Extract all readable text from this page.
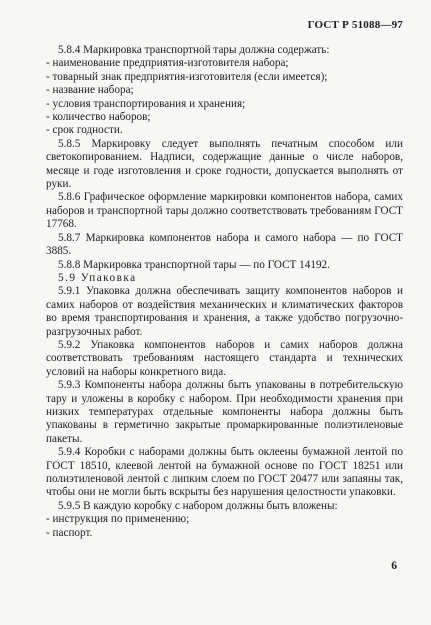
ГОСТ Р 51088—97

5.8.4 Маркировка транспортной тары должна содержать:

- наименование предприятия-изготовителя набора;

- товарный знак предприятия-изготовителя (если имеется);

- название набора;

- условия транспортирования и хранения;

- количество наборов;

- срок годности.

5.8.5 Маркировку следует выполнять печатным способом или светокопированием. Надписи, содержащие данные о числе наборов, месяце и годе изготовления и сроке годности, допускается выполнять от руки.

5.8.6 Графическое оформление маркировки компонентов набора, самих наборов и транспортной тары должно соответствовать требованиям ГОСТ 17768.

5.8.7 Маркировка компонентов набора и самого набора — по ГОСТ 3885.

5.8.8 Маркировка транспортной тары — по ГОСТ 14192.

5.9 Упаковка

5.9.1 Упаковка должна обеспечивать защиту компонентов наборов и самих наборов от воздействия механических и климатических факторов во время транспортирования и хранения, а также удобство погрузочно-разгрузочных работ.

5.9.2 Упаковка компонентов наборов и самих наборов должна соответствовать требованиям настоящего стандарта и технических условий на наборы конкретного вида.

5.9.3 Компоненты набора должны быть упакованы в потребительскую тару и уложены в коробку с набором. При необходимости хранения при низких температурах отдельные компоненты набора должны быть упакованы в герметично закрытые промаркированные полиэтиленовые пакеты.

5.9.4 Коробки с наборами должны быть оклеены бумажной лентой по ГОСТ 18510, клеевой лентой на бумажной основе по ГОСТ 18251 или полиэтиленовой лентой с липким слоем по ГОСТ 20477 или запаяны так, чтобы они не могли быть вскрыты без нарушения целостности упаковки.

5.9.5 В каждую коробку с набором должны быть вложены:

- инструкция по применению;

- паспорт.

6
